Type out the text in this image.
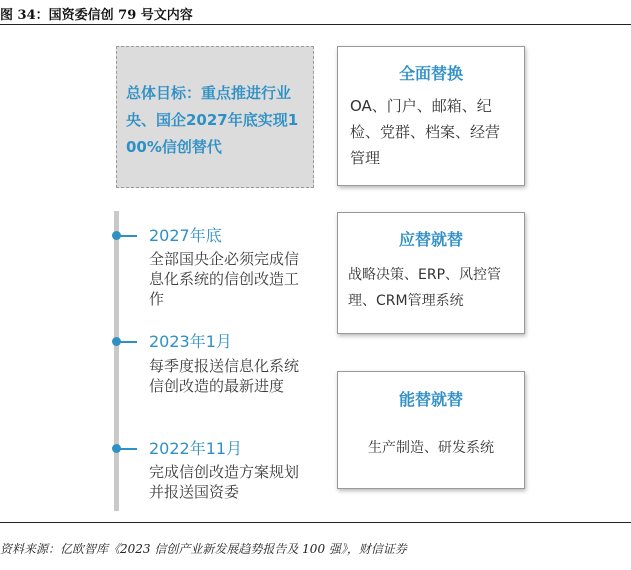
图 34：国资委信创 79 号文内容
总体目标：重点推进行业央、国企2027年底实现100%信创替代
全面替换
OA、门户、邮箱、纪检、党群、档案、经营管理
应替就替
战略决策、ERP、风控管理、CRM管理系统
能替就替
生产制造、研发系统
2027年底
全部国央企必须完成信息化系统的信创改造工作
2023年1月
每季度报送信息化系统信创改造的最新进度
2022年11月
完成信创改造方案规划并报送国资委
资料来源：亿欧智库《2023 信创产业新发展趋势报告及 100 强》，财信证券
